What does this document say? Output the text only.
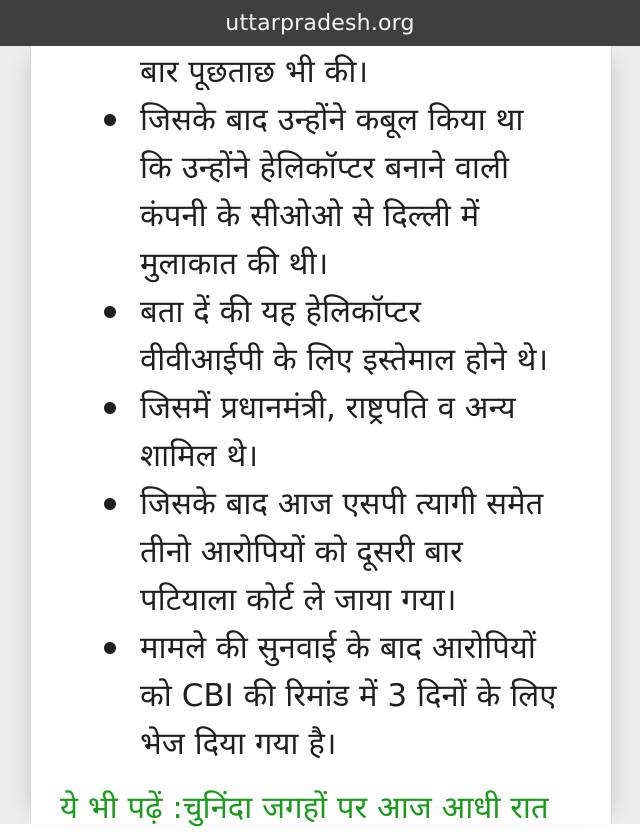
uttarpradesh.org
बार पूछताछ भी की।
जिसके बाद उन्होंने कबूल किया था
कि उन्होंने हेलिकॉप्टर बनाने वाली
कंपनी के सीओओ से दिल्ली में
मुलाकात की थी।
बता दें की यह हेलिकॉप्टर
वीवीआईपी के लिए इस्तेमाल होने थे।
जिसमें प्रधानमंत्री, राष्ट्रपति व अन्य
शामिल थे।
जिसके बाद आज एसपी त्यागी समेत
तीनो आरोपियों को दूसरी बार
पटियाला कोर्ट ले जाया गया।
मामले की सुनवाई के बाद आरोपियों
को CBI की रिमांड में 3 दिनों के लिए
भेज दिया गया है।
ये भी पढ़ें :चुनिंदा जगहों पर आज आधी रात
